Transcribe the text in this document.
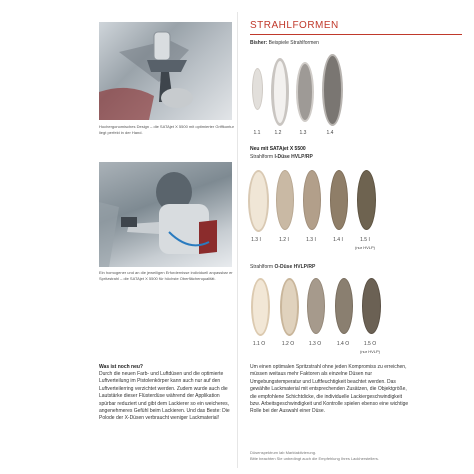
Hochergonomisches Design – die SATAjet X 5500 mit optimierter Griffkontur liegt perfekt in der Hand.
Ein homogener und an die jeweiligen Erfordernisse individuell anpassbar er Spritzstrahl – die SATAjet X 5500 für höchste Oberflächenqualität.
Was ist noch neu?
Durch die neuen Farb- und Luftdüsen und die optimierte Luftverteilung im Pistolenkörper kann auch nur auf den Luftverteilerring verzichtet werden. Zudem wurde auch die Lautstärke dieser Flüsterdüse während der Applikation spürbar reduziert und gibt dem Lackierer so ein weicheres, angenehmeres Gefühl beim Lackieren. Und das Beste: Die Polode der X-Düsen verbraucht weniger Lackmaterial!
STRAHLFORMEN
Bisher: Beispiele Strahlformen
1.1	1.2	1.3	1.4
Neu mit SATAjet X 5500
Strahlform I-Düse HVLP/RP
1.3 I	1.2 I	1.3 I	1.4 I	1.5 I
(nur HVLP)
Strahlform O-Düse HVLP/RP
1.1 O	1.2 O	1.3 O	1.4 O	1.5 O
(nur HVLP)
Um einen optimalen Spritzstrahl ohne jeden Kompromiss zu erreichen, müssen weitaus mehr Faktoren als einzelne Düsen nur Umgebungstemperatur und Luftfeuchtigkeit beachtet werden. Das gewählte Lackmaterial mit entsprechenden Zusätzen, die Objektgröße, die empfohlene Schichtdicke, die individuelle Lackiergeschwindigkeit bzw. Arbeitsgeschwindigkeit und Kontrolle spielen ebenso eine wichtige Rolle bei der Auswahl einer Düse.
Düsenspektrum lab Marktaktivierung.
Bitte beachten Sie unbedingt auch die Empfehlung Ihres Lackherstellers.
